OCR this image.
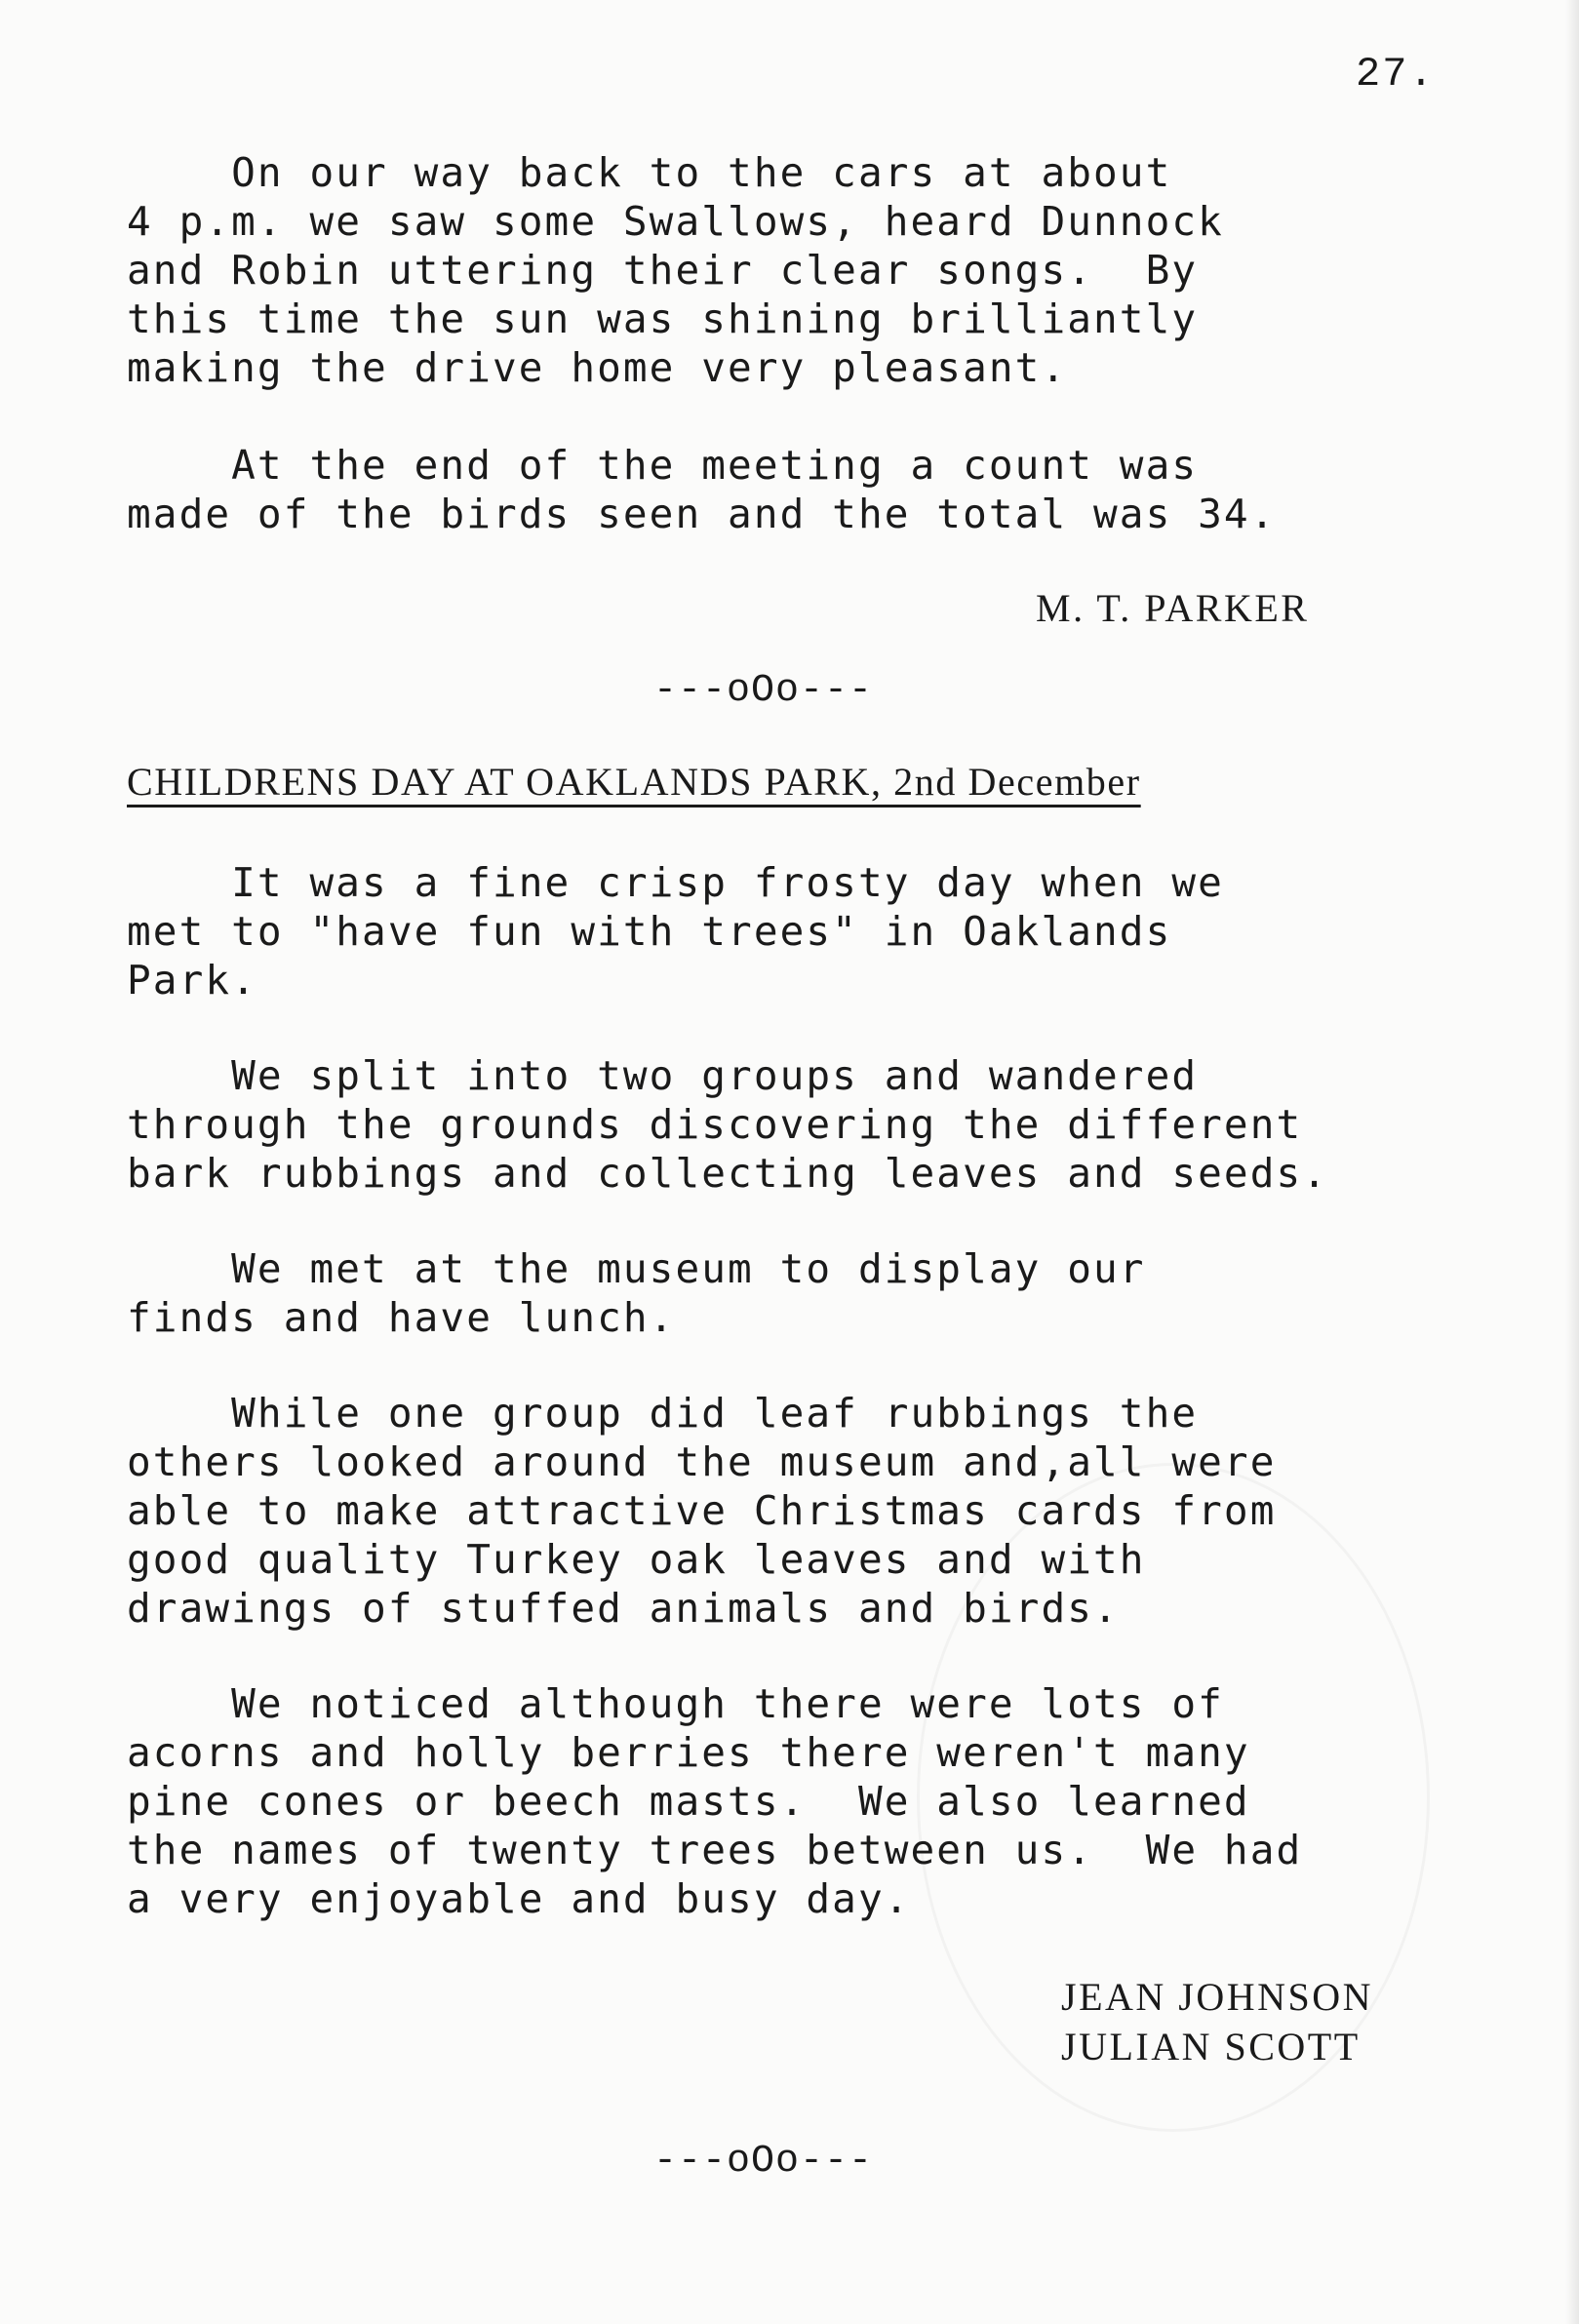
27.
On our way back to the cars at about
4 p.m. we saw some Swallows, heard Dunnock
and Robin uttering their clear songs.  By
this time the sun was shining brilliantly
making the drive home very pleasant.
At the end of the meeting a count was
made of the birds seen and the total was 34.
M. T. PARKER
---oOo---
CHILDRENS DAY AT OAKLANDS PARK, 2nd December
It was a fine crisp frosty day when we
met to "have fun with trees" in Oaklands
Park.
We split into two groups and wandered
through the grounds discovering the different
bark rubbings and collecting leaves and seeds.
We met at the museum to display our
finds and have lunch.
While one group did leaf rubbings the
others looked around the museum and,all were
able to make attractive Christmas cards from
good quality Turkey oak leaves and with
drawings of stuffed animals and birds.
We noticed although there were lots of
acorns and holly berries there weren't many
pine cones or beech masts.  We also learned
the names of twenty trees between us.  We had
a very enjoyable and busy day.
JEAN JOHNSON
JULIAN SCOTT
---oOo---
